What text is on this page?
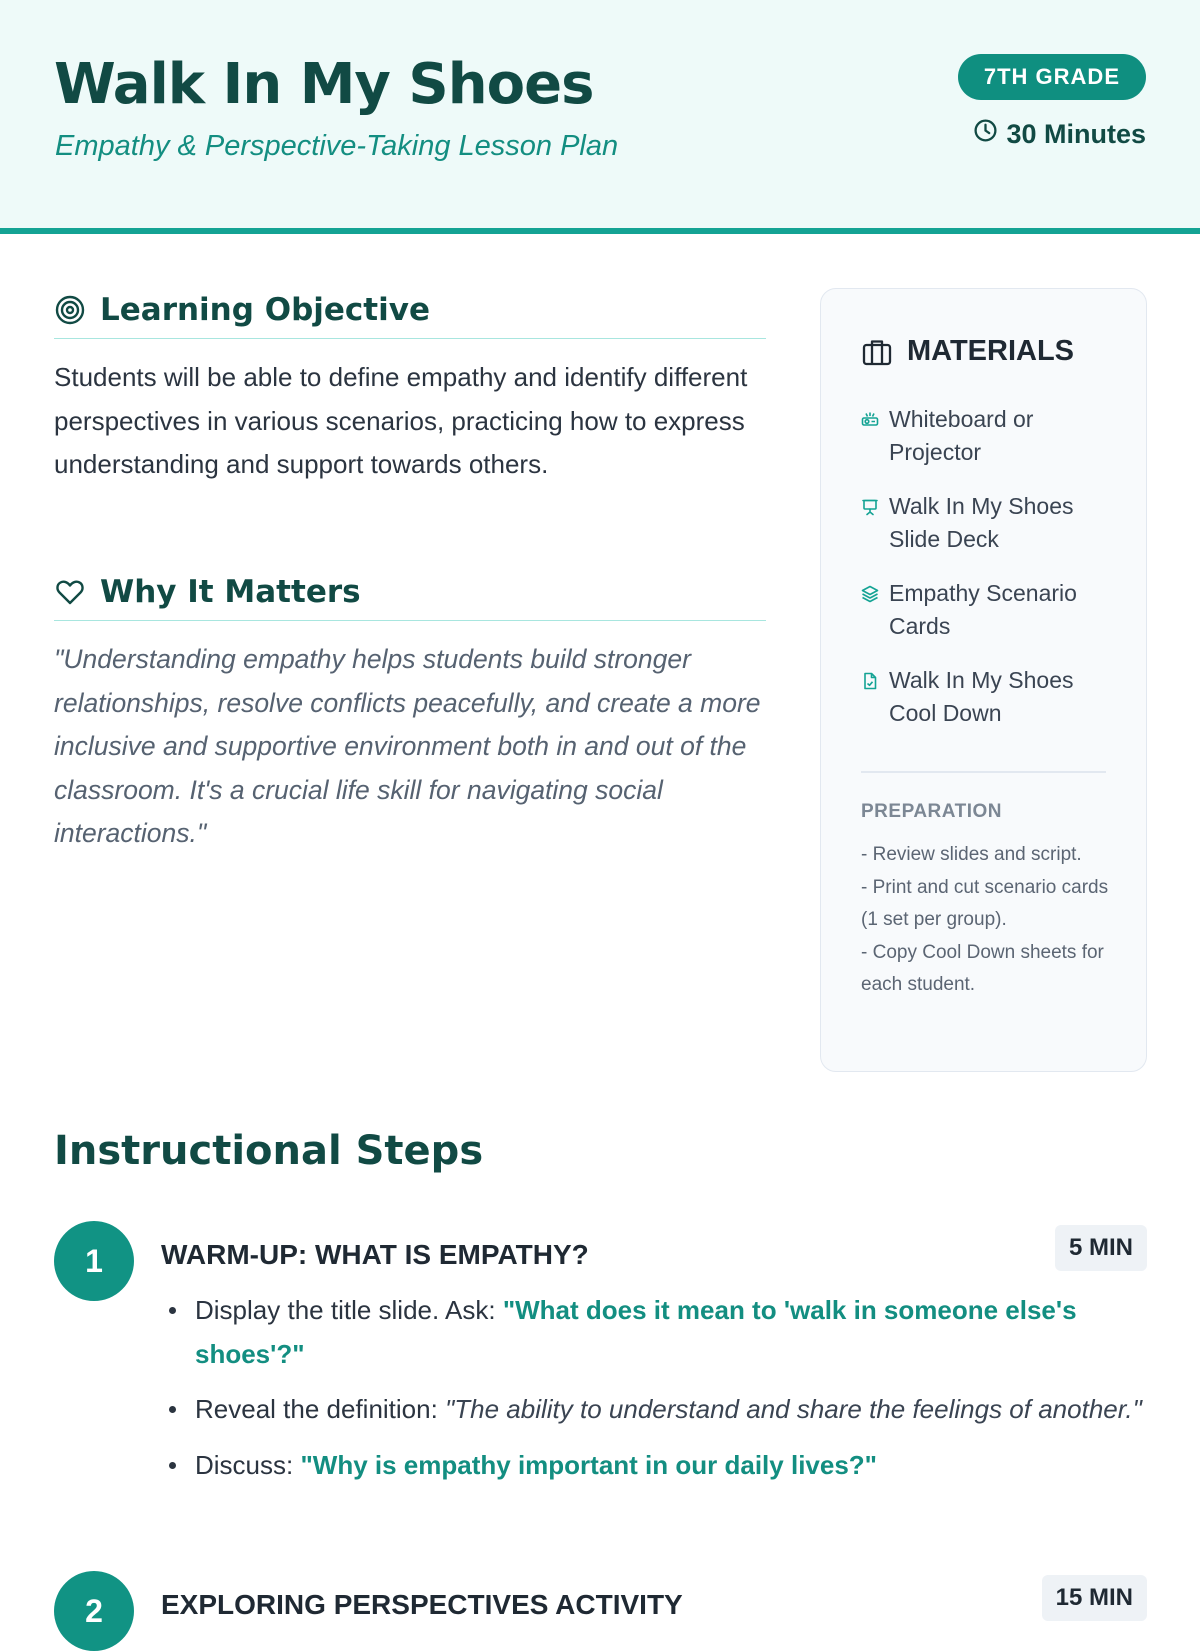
Walk In My Shoes

Empathy & Perspective-Taking Lesson Plan

7TH GRADE
30 Minutes
Learning Objective

Students will be able to define empathy and identify different perspectives in various scenarios, practicing how to express understanding and support towards others.

Why It Matters

"Understanding empathy helps students build stronger relationships, resolve conflicts peacefully, and create a more inclusive and supportive environment both in and out of the classroom. It's a crucial life skill for navigating social interactions."

MATERIALS
Whiteboard or Projector
Walk In My Shoes Slide Deck
Empathy Scenario Cards
Walk In My Shoes Cool Down
PREPARATION
- Review slides and script.
- Print and cut scenario cards (1 set per group).
- Copy Cool Down sheets for each student.
Instructional Steps
1	WARM-UP: WHAT IS EMPATHY?	5 MIN
Display the title slide. Ask: "What does it mean to 'walk in someone else's shoes'?"
Reveal the definition: "The ability to understand and share the feelings of another."
Discuss: "Why is empathy important in our daily lives?"
2	EXPLORING PERSPECTIVES ACTIVITY	15 MIN
